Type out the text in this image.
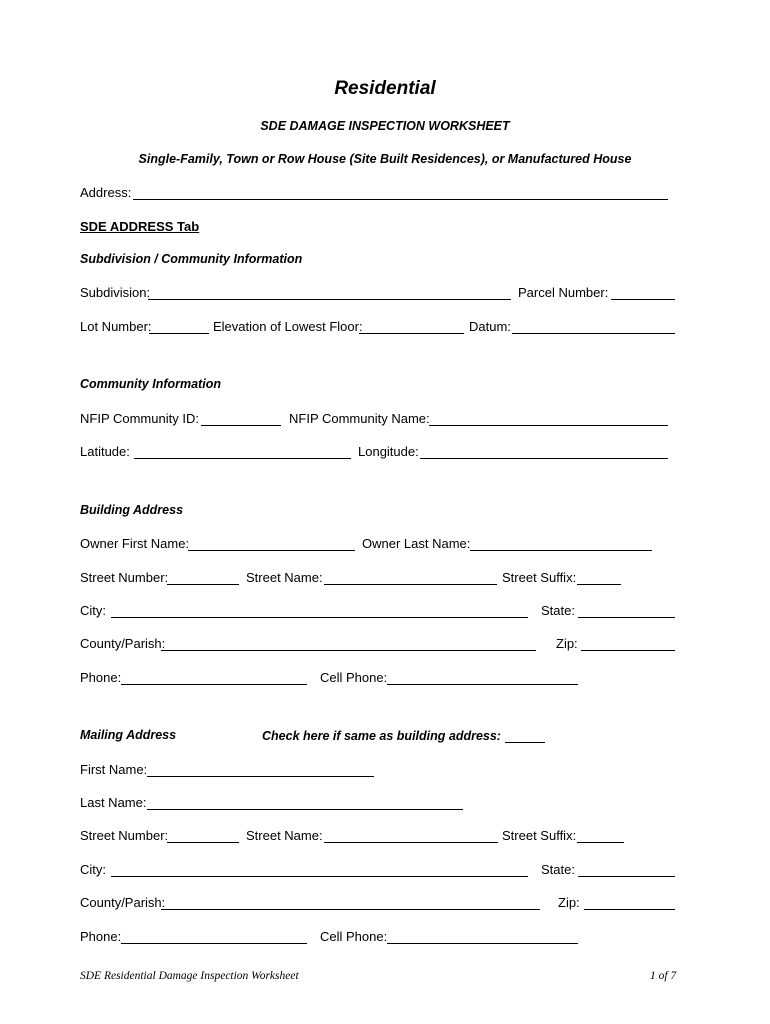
Residential
SDE DAMAGE INSPECTION WORKSHEET
Single-Family, Town or Row House (Site Built Residences), or Manufactured House
Address:
SDE ADDRESS Tab
Subdivision / Community Information
Subdivision:	Parcel Number:
Lot Number:	Elevation of Lowest Floor:	Datum:
Community Information
NFIP Community ID:	NFIP Community Name:
Latitude:	Longitude:
Building Address
Owner First Name:	Owner Last Name:
Street Number:	Street Name:	Street Suffix:
City:	State:
County/Parish:	Zip:
Phone:	Cell Phone:
Mailing Address	Check here if same as building address:
First Name:
Last Name:
Street Number:	Street Name:	Street Suffix:
City:	State:
County/Parish:	Zip:
Phone:	Cell Phone:
SDE Residential Damage Inspection Worksheet	1 of 7
